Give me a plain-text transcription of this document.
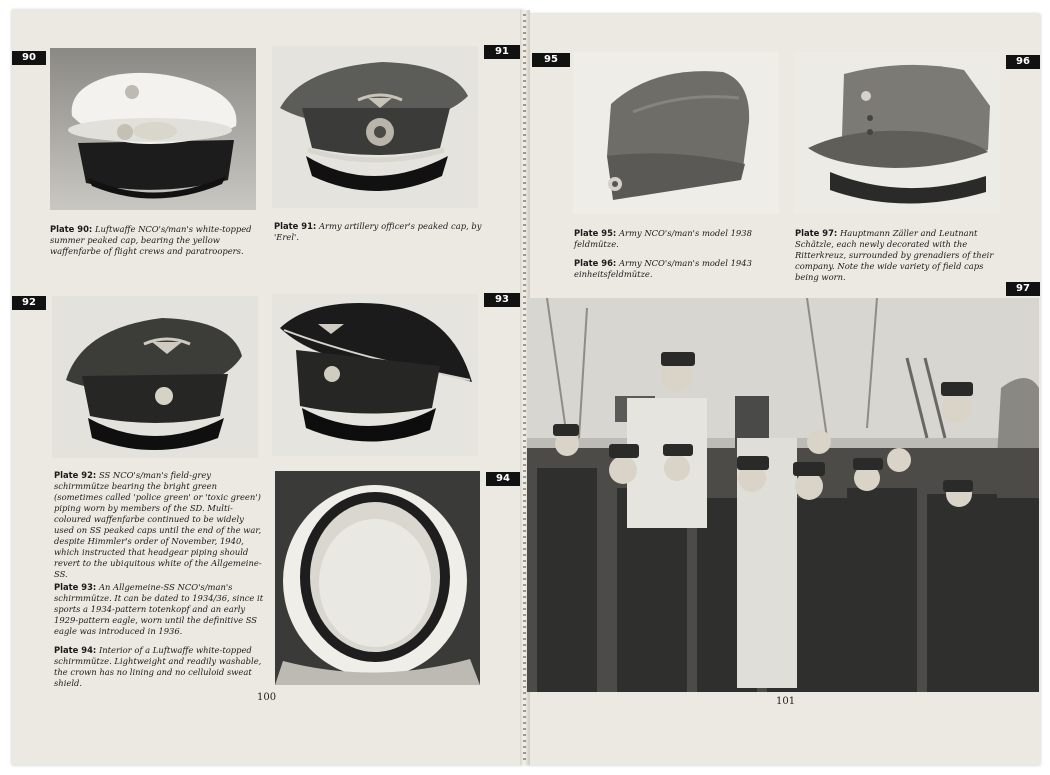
90

Plate 90: Luftwaffe NCO's/man's white-topped summer peaked cap, bearing the yellow waffenfarbe of flight crews and paratroopers.

91

Plate 91: Army artillery officer's peaked cap, by 'Erel'.

92

Plate 92: SS NCO's/man's field-grey schirmmütze bearing the bright green (sometimes called 'police green' or 'toxic green') piping worn by members of the SD. Multi-coloured waffenfarbe continued to be widely used on SS peaked caps until the end of the war, despite Himmler's order of November, 1940, which instructed that headgear piping should revert to the ubiquitous white of the Allgemeine-SS.

93
94

Plate 93: An Allgemeine-SS NCO's/man's schirmmütze. It can be dated to 1934/36, since it sports a 1934-pattern totenkopf and an early 1929-pattern eagle, worn until the definitive SS eagle was introduced in 1936.

Plate 94: Interior of a Luftwaffe white-topped schirmmütze. Lightweight and readily washable, the crown has no lining and no celluloid sweat shield.

100
95	96

Plate 95: Army NCO's/man's model 1938 feldmütze.

Plate 96: Army NCO's/man's model 1943 einheitsfeldmütze.

Plate 97: Hauptmann Zäller and Leutnant Schätzle, each newly decorated with the Ritterkreuz, surrounded by grenadiers of their company. Note the wide variety of field caps being worn.

97
101
